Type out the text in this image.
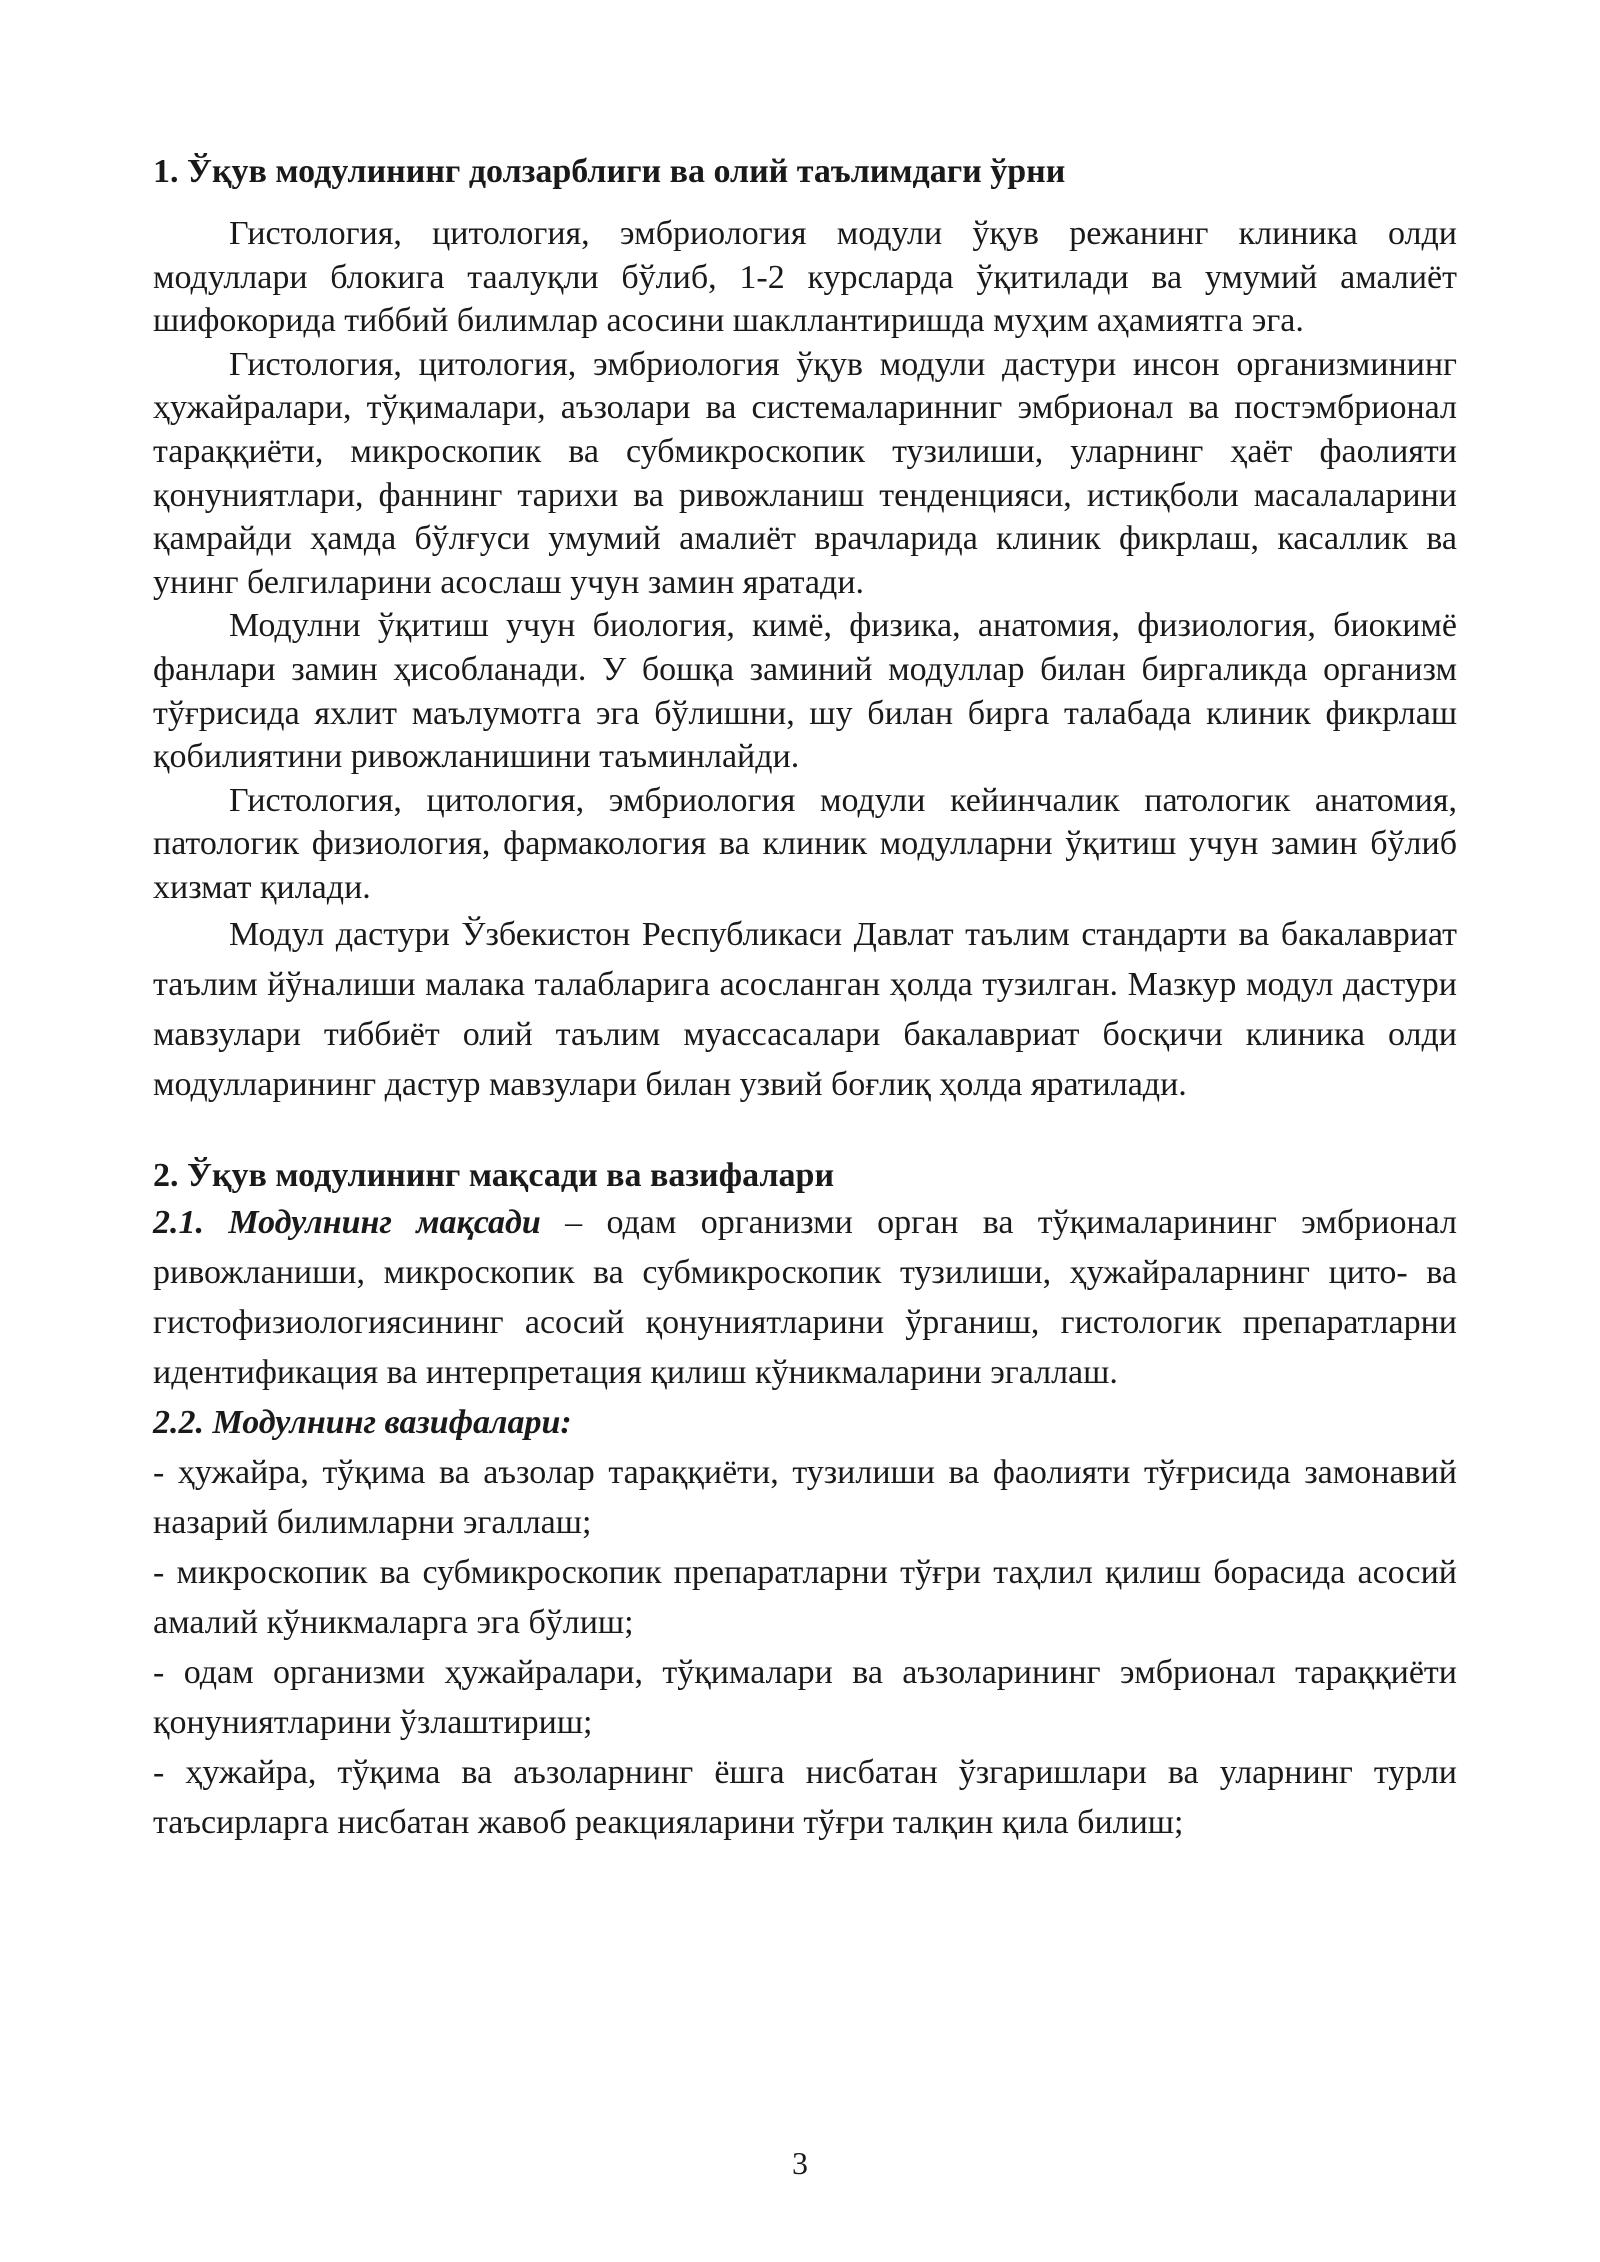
1. Ўқув модулининг долзарблиги ва олий таълимдаги ўрни

Гистология, цитология, эмбриология модули ўқув режанинг клиника олди модуллари блокига таалуқли бўлиб, 1-2 курсларда ўқитилади ва умумий амалиёт шифокорида тиббий билимлар асосини шакллантиришда муҳим аҳамиятга эга.

Гистология, цитология, эмбриология ўқув модули дастури инсон организмининг ҳужайралари, тўқималари, аъзолари ва системаларинниг эмбрионал ва постэмбрионал тараққиёти, микроскопик ва субмикроскопик тузилиши, уларнинг ҳаёт фаолияти қонуниятлари, фаннинг тарихи ва ривожланиш тенденцияси, истиқболи масалаларини қамрайди ҳамда бўлғуси умумий амалиёт врачларида клиник фикрлаш, касаллик ва унинг белгиларини асослаш учун замин яратади.

Модулни ўқитиш учун биология, кимё, физика, анатомия, физиология, биокимё фанлари замин ҳисобланади. У бошқа заминий модуллар билан биргаликда организм тўғрисида яхлит маълумотга эга бўлишни, шу билан бирга талабада клиник фикрлаш қобилиятини ривожланишини таъминлайди.

Гистология, цитология, эмбриология модули кейинчалик патологик анатомия, патологик физиология, фармакология ва клиник модулларни ўқитиш учун замин бўлиб хизмат қилади.

Модул дастури Ўзбекистон Республикаси Давлат таълим стандарти ва бакалавриат таълим йўналиши малака талабларига асосланган ҳолда тузилган. Мазкур модул дастури мавзулари тиббиёт олий таълим муассасалари бакалавриат босқичи клиника олди модулларининг дастур мавзулари билан узвий боғлиқ ҳолда яратилади.

2. Ўқув модулининг мақсади ва вазифалари

2.1. Модулнинг мақсади – одам организми орган ва тўқималарининг эмбрионал ривожланиши, микроскопик ва субмикроскопик тузилиши, ҳужайраларнинг цито- ва гистофизиологиясининг асосий қонуниятларини ўрганиш, гистологик препаратларни идентификация ва интерпретация қилиш кўникмаларини эгаллаш.

2.2. Модулнинг вазифалари:

- ҳужайра, тўқима ва аъзолар тараққиёти, тузилиши ва фаолияти тўғрисида замонавий назарий билимларни эгаллаш;

- микроскопик ва субмикроскопик препаратларни тўғри таҳлил қилиш борасида асосий амалий кўникмаларга эга бўлиш;

- одам организми ҳужайралари, тўқималари ва аъзоларининг эмбрионал тараққиёти қонуниятларини ўзлаштириш;

- ҳужайра, тўқима ва аъзоларнинг ёшга нисбатан ўзгаришлари ва уларнинг турли таъсирларга нисбатан жавоб реакцияларини тўғри талқин қила билиш;

3
